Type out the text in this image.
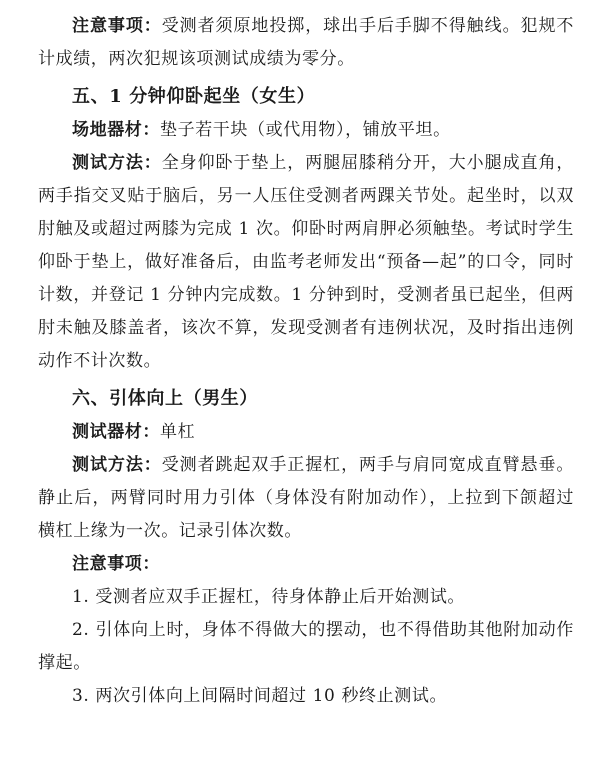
注意事项：受测者须原地投掷，球出手后手脚不得触线。犯规不计成绩，两次犯规该项测试成绩为零分。

五、1 分钟仰卧起坐（女生）

场地器材：垫子若干块（或代用物），铺放平坦。

测试方法：全身仰卧于垫上，两腿屈膝稍分开，大小腿成直角，两手指交叉贴于脑后，另一人压住受测者两踝关节处。起坐时，以双肘触及或超过两膝为完成 1 次。仰卧时两肩胛必须触垫。考试时学生仰卧于垫上，做好准备后，由监考老师发出“预备—起”的口令，同时计数，并登记 1 分钟内完成数。1 分钟到时，受测者虽已起坐，但两肘未触及膝盖者，该次不算，发现受测者有违例状况，及时指出违例动作不计次数。

六、引体向上（男生）

测试器材：单杠

测试方法：受测者跳起双手正握杠，两手与肩同宽成直臂悬垂。静止后，两臂同时用力引体（身体没有附加动作），上拉到下颌超过横杠上缘为一次。记录引体次数。

注意事项：

1. 受测者应双手正握杠，待身体静止后开始测试。

2. 引体向上时，身体不得做大的摆动，也不得借助其他附加动作撑起。

3. 两次引体向上间隔时间超过 10 秒终止测试。
